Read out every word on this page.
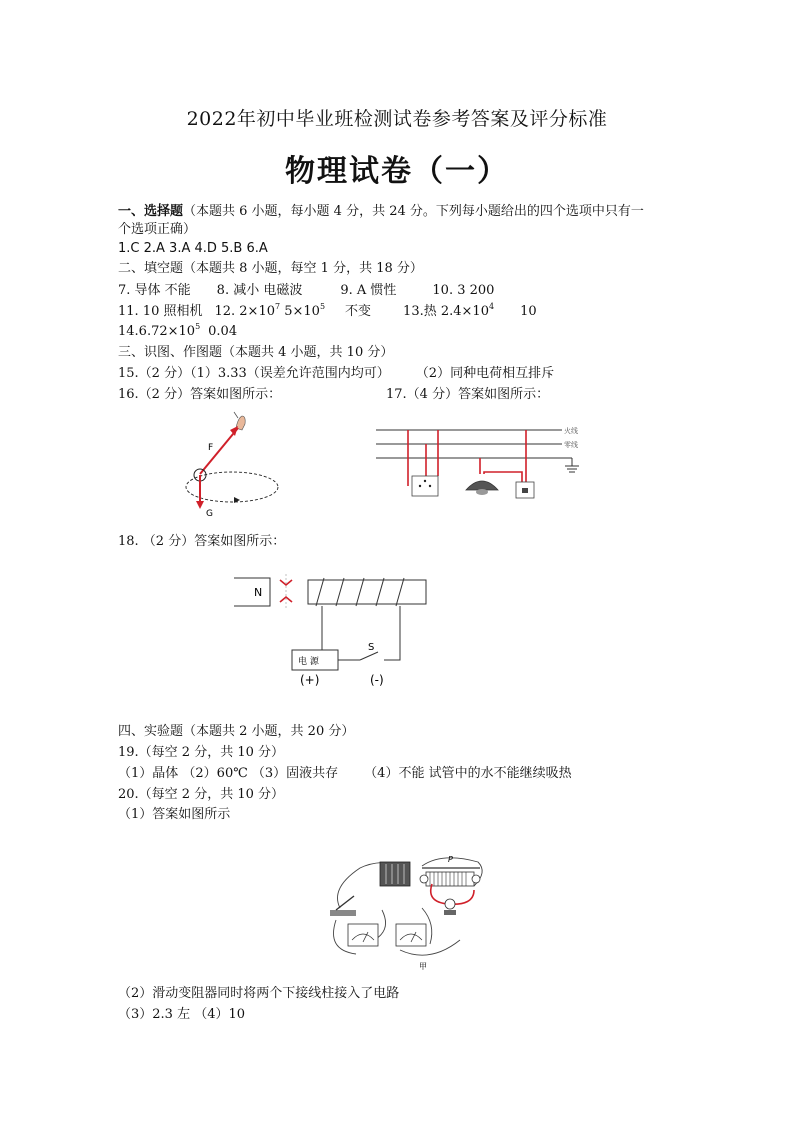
2022年初中毕业班检测试卷参考答案及评分标准
物理试卷（一）
一、选择题（本题共 6 小题，每小题 4 分，共 24 分。下列每小题给出的四个选项中只有一
个选项正确）
1.C 2.A 3.A 4.D 5.B 6.A
二、填空题（本题共 8 小题，每空 1 分，共 18 分）
7. 导体 不能 8. 减小 电磁波	9. A 惯性	10. 3 200
11. 10 照相机 12. $2\times 10^7$ $5\times 10^5$ 不变 13.热 $2.4\times 10^4$ 10
$14.6.72\times 10^5$ 0.04
三、识图、作图题（本题共 4 小题，共 10 分）
15.（2 分）（1）3.33（误差允许范围内均可） （2）同种电荷相互排斥
16.（2 分）答案如图所示：	17.（4 分）答案如图所示：
F
G
火线
零线
18. （2 分）答案如图所示：
N
电 源
S
(+)	(-)
四、实验题（本题共 2 小题，共 20 分）
19.（每空 2 分，共 10 分）
（1）晶体 （2）60℃ （3）固液共存 （4）不能 试管中的水不能继续吸热
20.（每空 2 分，共 10 分）
（1）答案如图所示
P
甲
（2）滑动变阻器同时将两个下接线柱接入了电路
（3）2.3 左 （4）10
